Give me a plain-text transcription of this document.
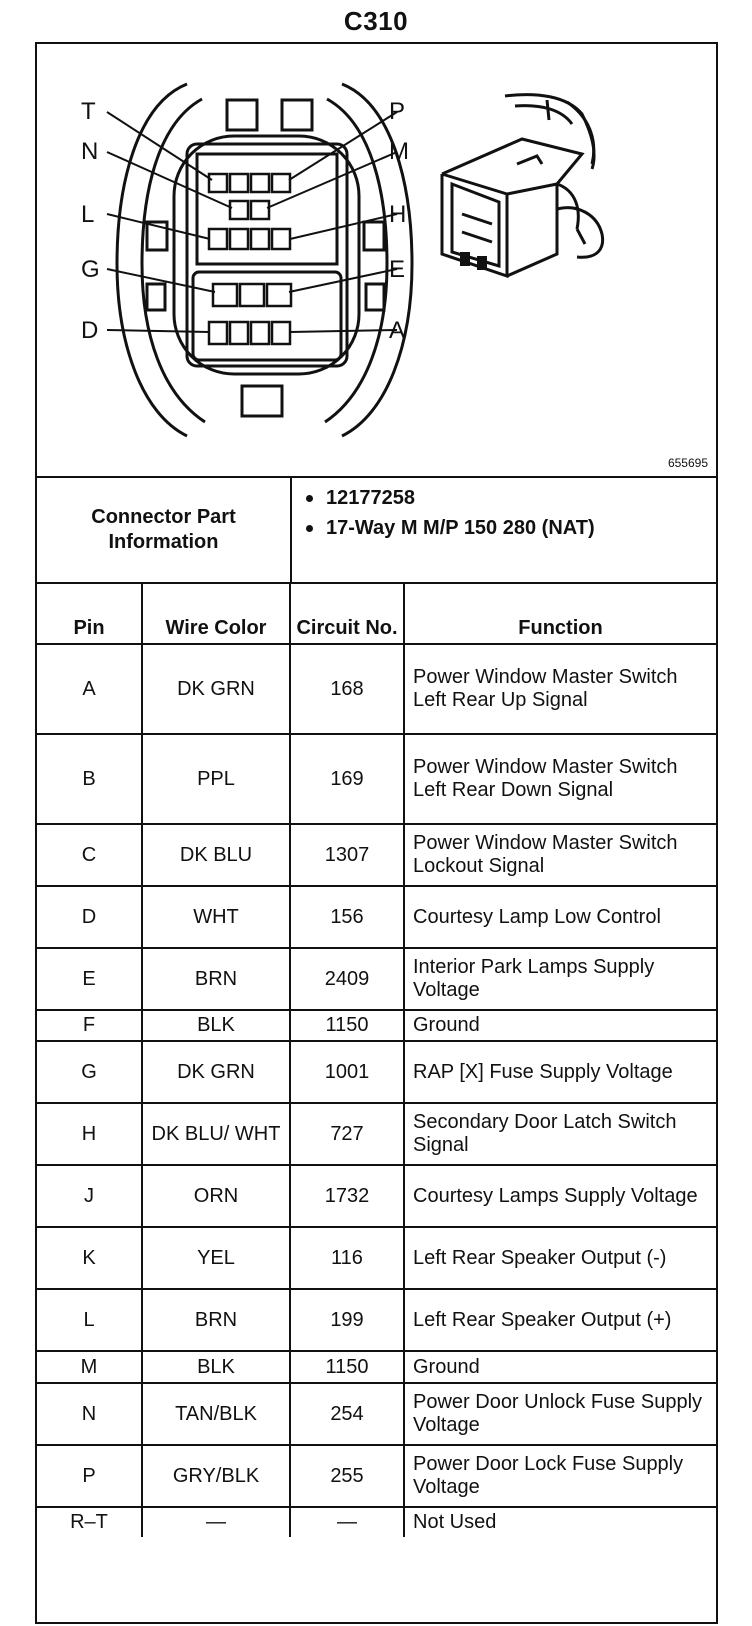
C310
T
N
L
G
D
P
M
H
E
A
655695
Connector Part Information
12177258
17-Way M M/P 150 280 (NAT)
Pin	Wire Color	Circuit No.	Function
A	DK GRN	168	Power Window Master Switch Left Rear Up Signal
B	PPL	169	Power Window Master Switch Left Rear Down Signal
C	DK BLU	1307	Power Window Master Switch Lockout Signal
D	WHT	156	Courtesy Lamp Low Control
E	BRN	2409	Interior Park Lamps Supply Voltage
F	BLK	1150	Ground
G	DK GRN	1001	RAP [X] Fuse Supply Voltage
H	DK BLU/ WHT	727	Secondary Door Latch Switch Signal
J	ORN	1732	Courtesy Lamps Supply Voltage
K	YEL	116	Left Rear Speaker Output (-)
L	BRN	199	Left Rear Speaker Output (+)
M	BLK	1150	Ground
N	TAN/BLK	254	Power Door Unlock Fuse Supply Voltage
P	GRY/BLK	255	Power Door Lock Fuse Supply Voltage
R–T	—	—	Not Used
